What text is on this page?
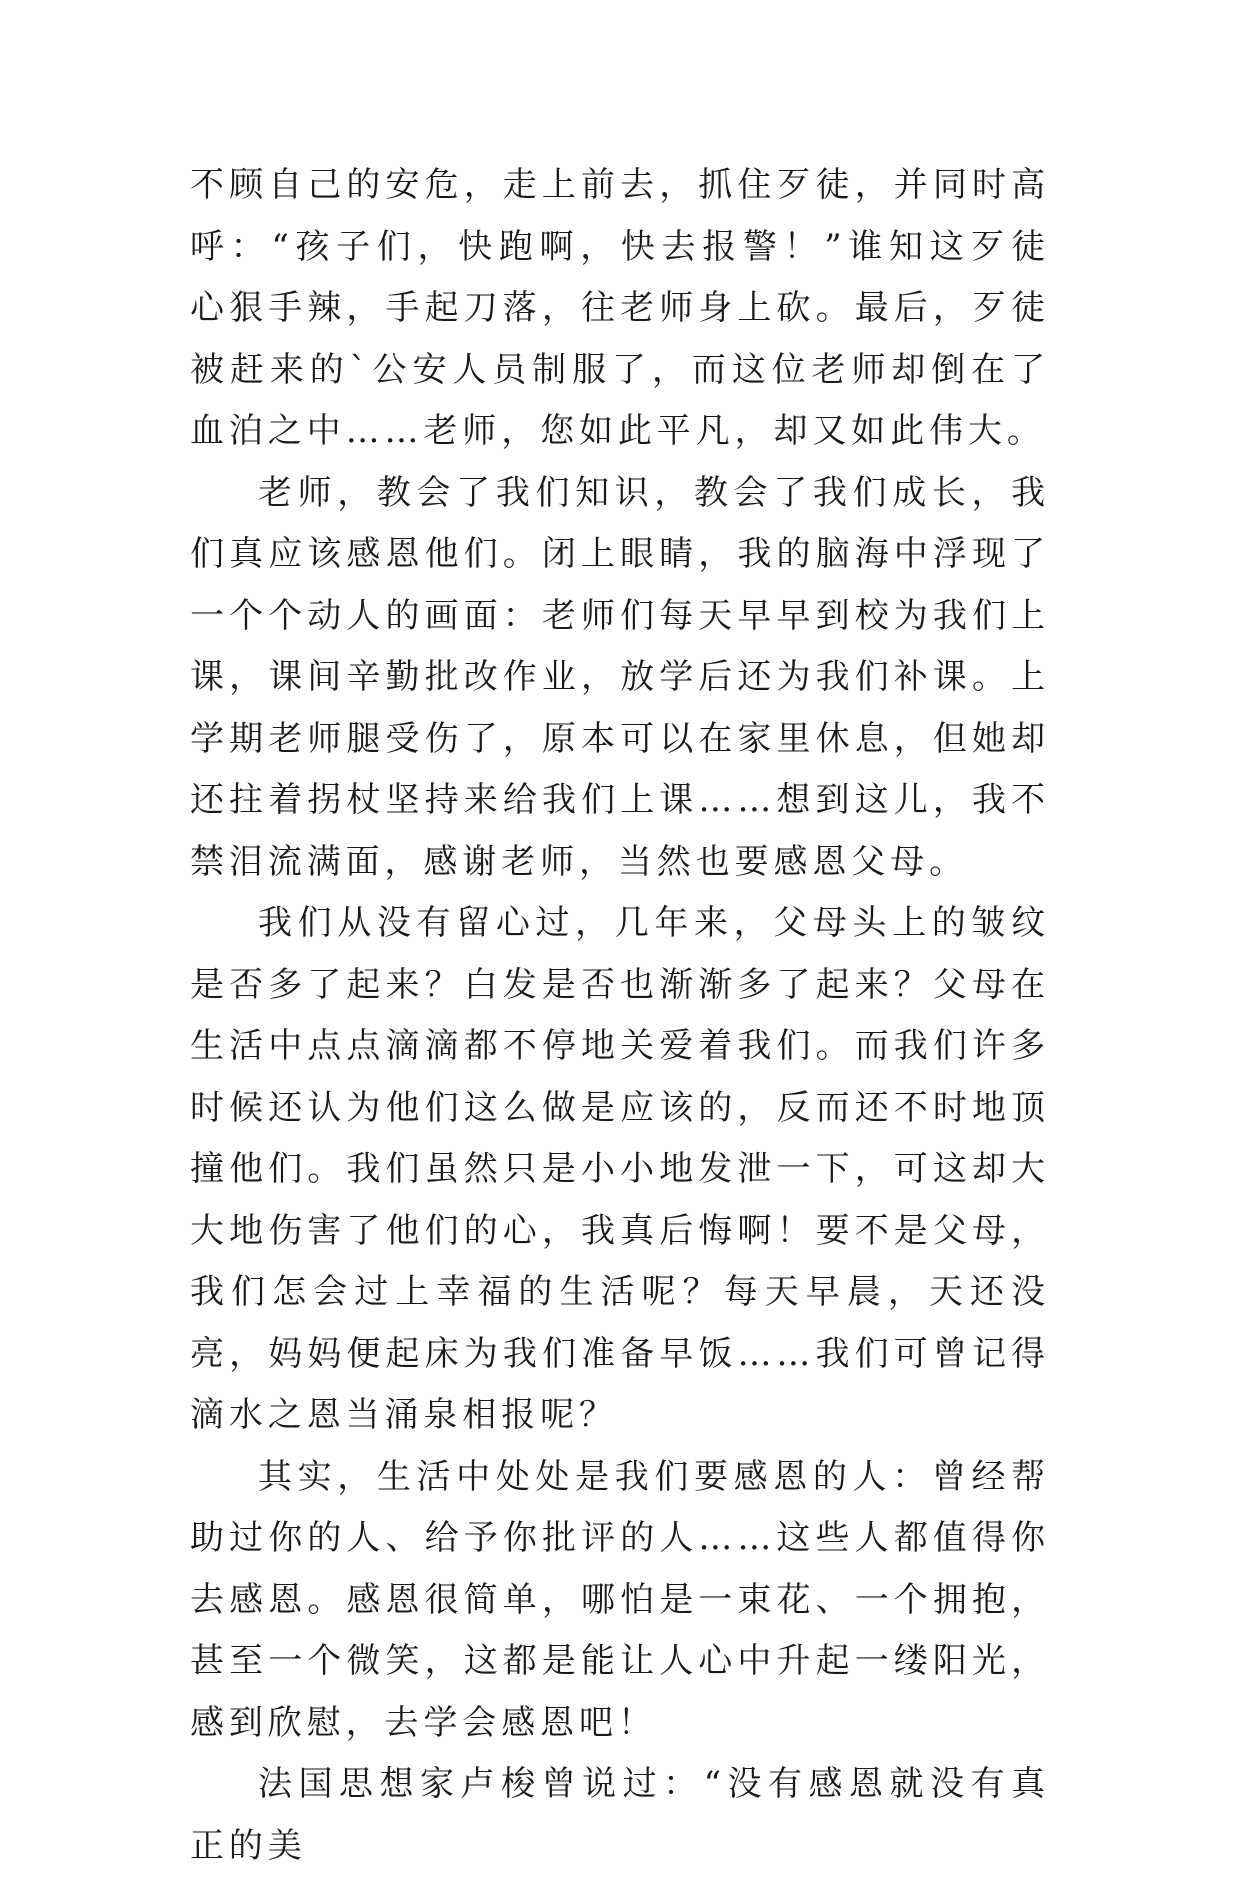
不顾自己的安危，走上前去，抓住歹徒，并同时高呼：“孩子们，快跑啊，快去报警！”谁知这歹徒心狠手辣，手起刀落，往老师身上砍。最后，歹徒被赶来的`公安人员制服了，而这位老师却倒在了血泊之中……老师，您如此平凡，却又如此伟大。

老师，教会了我们知识，教会了我们成长，我们真应该感恩他们。闭上眼睛，我的脑海中浮现了一个个动人的画面：老师们每天早早到校为我们上课，课间辛勤批改作业，放学后还为我们补课。上学期老师腿受伤了，原本可以在家里休息，但她却还拄着拐杖坚持来给我们上课……想到这儿，我不禁泪流满面，感谢老师，当然也要感恩父母。

我们从没有留心过，几年来，父母头上的皱纹是否多了起来？白发是否也渐渐多了起来？父母在生活中点点滴滴都不停地关爱着我们。而我们许多时候还认为他们这么做是应该的，反而还不时地顶撞他们。我们虽然只是小小地发泄一下，可这却大大地伤害了他们的心，我真后悔啊！要不是父母，我们怎会过上幸福的生活呢？每天早晨，天还没亮，妈妈便起床为我们准备早饭……我们可曾记得滴水之恩当涌泉相报呢？

其实，生活中处处是我们要感恩的人：曾经帮助过你的人、给予你批评的人……这些人都值得你去感恩。感恩很简单，哪怕是一束花、一个拥抱，甚至一个微笑，这都是能让人心中升起一缕阳光，感到欣慰，去学会感恩吧！

法国思想家卢梭曾说过：“没有感恩就没有真正的美
